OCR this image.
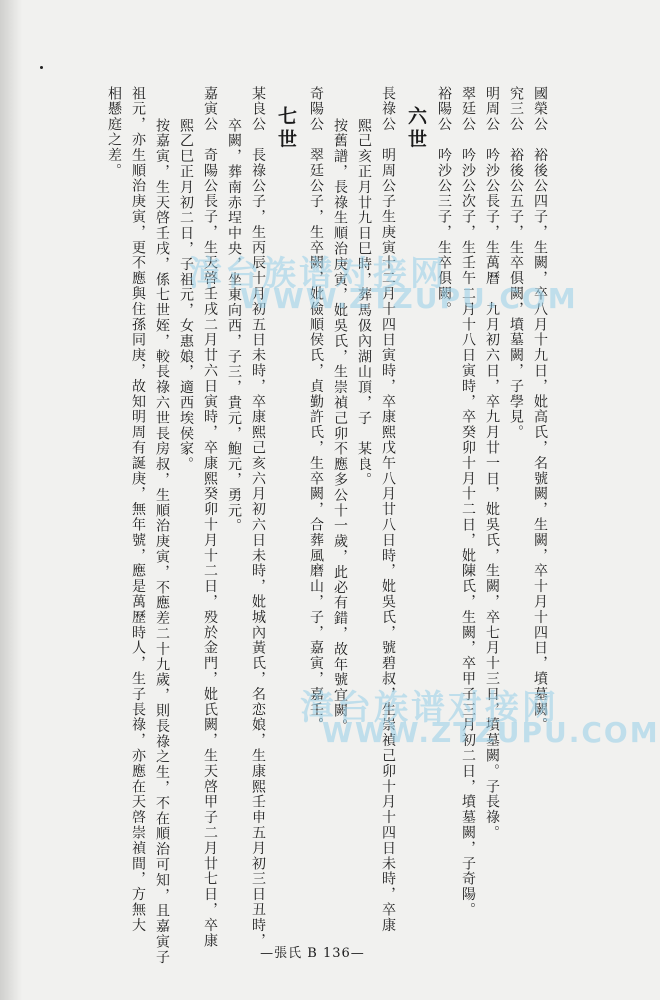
國榮公　裕後公四子，生闕，卒八月十九日，妣高氏，名號闕，生闕，卒十月十四日，墳墓闕。
究三公　裕後公五子，生卒俱闕，墳墓闕，子學見。
明周公　吟沙公長子，生萬曆　九月初六日，卒九月廿一日，妣吳氏，生闕，卒七月十三日，墳墓闕。子長祿。
翠廷公　吟沙公次子，生壬午二月十八日寅時，卒癸卯十月十二日，妣陳氏，生闕，卒甲子三月初二日，墳墓闕，子奇陽。
裕陽公　吟沙公三子，生卒俱闕。
六世
長祿公　明周公子生庚寅十二月十四日寅時，卒康熙戊午八月廿八日時，妣吳氏，號碧叔，生崇禎己卯十月十四日未時，卒康
熙己亥正月廿九日巳時，葬馬伋內湖山頂，子　某良。
按舊譜，長祿生順治庚寅，妣吳氏，生崇禎己卯不應多公十一歲，此必有錯，故年號宜闕。
奇陽公　翠廷公子，生卒闕，妣儉順侯氏，貞勤許氏，生卒闕，合葬風磨山，子，嘉寅，嘉壬。
七世
某良公　長祿公子，生丙辰十月初五日未時，卒康熙己亥六月初六日未時，妣城內黃氏，名恋娘，生康熙壬申五月初三日丑時，
卒闕，葬南赤埕中央，坐東向西，子三，貴元，鮑元，勇元。
嘉寅公　奇陽公長子，生天啓壬戌二月廿六日寅時，卒康熙癸卯十月十二日，殁於金門，妣氏闕，生天啓甲子二月廿七日，卒康
熙乙巳正月初二日，子祖元，女惠娘，適西埃侯家。
按嘉寅，生天啓壬戌，係七世姪，較長祿六世長房叔，生順治庚寅，不應差二十九歲，則長祿之生，不在順治可知，且嘉寅子
祖元，亦生順治庚寅，更不應與住孫同庚，故知明周有誕庚，無年號，應是萬歷時人，生子長祿，亦應在天啓崇禎間，方無大
相懸庭之差。
漳台族谱对接网
WWW.ZTZUPU.COM
漳台族谱对接网
WWW.ZTZUPU.COM
—張氏 B 136—
